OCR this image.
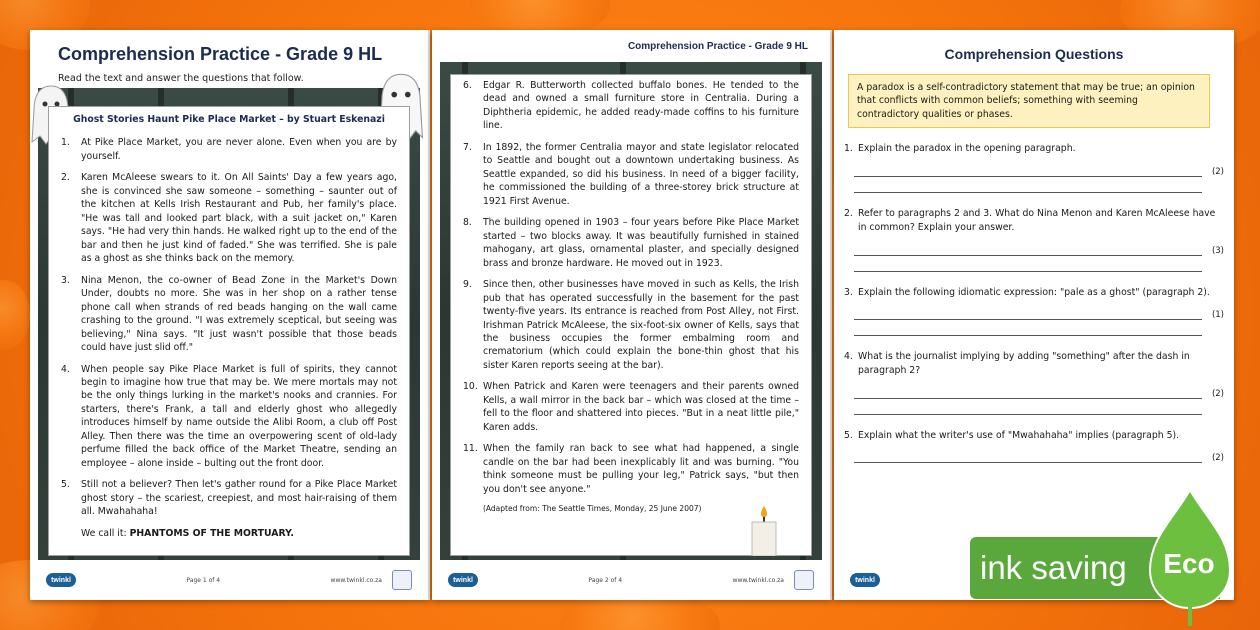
Comprehension Practice - Grade 9 HL
Read the text and answer the questions that follow.
Ghost Stories Haunt Pike Place Market – by Stuart Eskenazi
1.	At Pike Place Market, you are never alone. Even when you are by yourself.
2.	Karen McAleese swears to it. On All Saints' Day a few years ago, she is convinced she saw someone – something – saunter out of the kitchen at Kells Irish Restaurant and Pub, her family's place. "He was tall and looked part black, with a suit jacket on," Karen says. "He had very thin hands. He walked right up to the end of the bar and then he just kind of faded." She was terrified. She is pale as a ghost as she thinks back on the memory.
3.	Nina Menon, the co-owner of Bead Zone in the Market's Down Under, doubts no more. She was in her shop on a rather tense phone call when strands of red beads hanging on the wall came crashing to the ground. "I was extremely sceptical, but seeing was believing," Nina says. "It just wasn't possible that those beads could have just slid off."
4.	When people say Pike Place Market is full of spirits, they cannot begin to imagine how true that may be. We mere mortals may not be the only things lurking in the market's nooks and crannies. For starters, there's Frank, a tall and elderly ghost who allegedly introduces himself by name outside the Alibi Room, a club off Post Alley. Then there was the time an overpowering scent of old-lady perfume filled the back office of the Market Theatre, sending an employee – alone inside – bulting out the front door.
5.	Still not a believer? Then let's gather round for a Pike Place Market ghost story – the scariest, creepiest, and most hair-raising of them all. Mwahahaha!
We call it: PHANTOMS OF THE MORTUARY.
twinkl	Page 1 of 4	www.twinkl.co.za
Comprehension Practice - Grade 9 HL
6.	Edgar R. Butterworth collected buffalo bones. He tended to the dead and owned a small furniture store in Centralia. During a Diphtheria epidemic, he added ready-made coffins to his furniture line.
7.	In 1892, the former Centralia mayor and state legislator relocated to Seattle and bought out a downtown undertaking business. As Seattle expanded, so did his business. In need of a bigger facility, he commissioned the building of a three-storey brick structure at 1921 First Avenue.
8.	The building opened in 1903 – four years before Pike Place Market started – two blocks away. It was beautifully furnished in stained mahogany, art glass, ornamental plaster, and specially designed brass and bronze hardware. He moved out in 1923.
9.	Since then, other businesses have moved in such as Kells, the Irish pub that has operated successfully in the basement for the past twenty-five years. Its entrance is reached from Post Alley, not First. Irishman Patrick McAleese, the six-foot-six owner of Kells, says that the business occupies the former embalming room and crematorium (which could explain the bone-thin ghost that his sister Karen reports seeing at the bar).
10. When Patrick and Karen were teenagers and their parents owned Kells, a wall mirror in the back bar – which was closed at the time – fell to the floor and shattered into pieces. "But in a neat little pile," Karen adds.
11. When the family ran back to see what had happened, a single candle on the bar had been inexplicably lit and was burning. "You think someone must be pulling your leg," Patrick says, "but then you don't see anyone."
(Adapted from: The Seattle Times, Monday, 25 June 2007)
twinkl	Page 2 of 4	www.twinkl.co.za
Comprehension Questions
A paradox is a self-contradictory statement that may be true; an opinion that conflicts with common beliefs; something with seeming contradictory qualities or phases.
1. Explain the paradox in the opening paragraph.
(2)
2. Refer to paragraphs 2 and 3. What do Nina Menon and Karen McAleese have in common? Explain your answer.
(3)
3. Explain the following idiomatic expression: "pale as a ghost" (paragraph 2).
(1)
4. What is the journalist implying by adding "something" after the dash in paragraph 2?
(2)
5. Explain what the writer's use of "Mwahahaha" implies (paragraph 5).
(2)
twinkl	ink saving Eco
